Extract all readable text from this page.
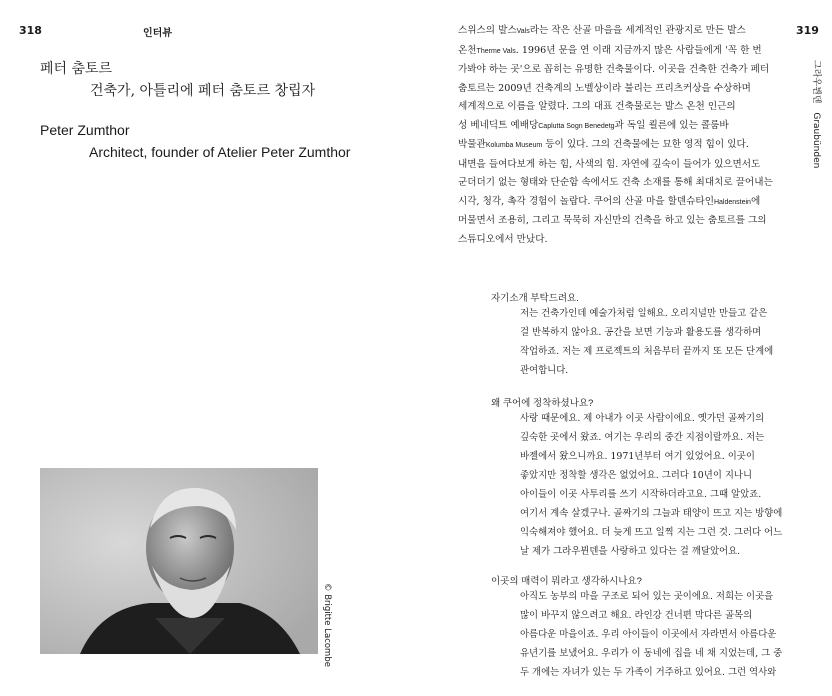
318	인터뷰
페터 춤토르
건축가, 아틀리에 페터 춤토르 창립자
Peter Zumthor
Architect, founder of Atelier Peter Zumthor
© Brigitte Lacombe
319
그라우뷘덴 Graubünden
스위스의 발스Vals라는 작은 산골 마을을 세계적인 관광지로 만든 발스
온천Therme Vals. 1996년 문을 연 이래 지금까지 많은 사람들에게 '꼭 한 번
가봐야 하는 곳'으로 꼽히는 유명한 건축물이다. 이곳을 건축한 건축가 페터
춤토르는 2009년 건축계의 노벨상이라 불리는 프리츠커상을 수상하며
세계적으로 이름을 알렸다. 그의 대표 건축물로는 발스 온천 인근의
성 베네딕트 예배당Caplutta Sogn Benedetg과 독일 쾰른에 있는 콜룸바
박물관Kolumba Museum 등이 있다. 그의 건축물에는 묘한 영적 힘이 있다.
내면을 들여다보게 하는 힘, 사색의 힘. 자연에 깊숙이 들어가 있으면서도
군더더기 없는 형태와 단순함 속에서도 건축 소재를 통해 최대치로 끌어내는
시각, 청각, 촉각 경험이 놀랍다. 쿠어의 산골 마을 할덴슈타인Haldenstein에
머물면서 조용히, 그리고 묵묵히 자신만의 건축을 하고 있는 춤토르를 그의
스튜디오에서 만났다.
자기소개 부탁드려요.
저는 건축가인데 예술가처럼 일해요. 오리지널만 만들고 같은
걸 반복하지 않아요. 공간을 보면 기능과 활용도를 생각하며
작업하죠. 저는 제 프로젝트의 처음부터 끝까지 또 모든 단계에
관여합니다.
왜 쿠어에 정착하셨나요?
사랑 때문에요. 제 아내가 이곳 사람이에요. 옛가던 골짜기의
깊숙한 곳에서 왔죠. 여기는 우리의 중간 지점이랄까요. 저는
바젤에서 왔으니까요. 1971년부터 여기 있었어요. 이곳이
좋았지만 정착할 생각은 없었어요. 그러다 10년이 지나니
아이들이 이곳 사투리를 쓰기 시작하더라고요. 그때 알았죠.
여기서 계속 살겠구나. 골짜기의 그늘과 태양이 뜨고 지는 방향에
익숙해져야 했어요. 더 늦게 뜨고 일찍 지는 그런 것. 그러다 어느
날 제가 그라우뷘덴을 사랑하고 있다는 걸 깨달았어요.
이곳의 매력이 뭐라고 생각하시나요?
아직도 농부의 마을 구조로 되어 있는 곳이에요. 저희는 이곳을
많이 바꾸지 않으려고 해요. 라인강 건너편 막다른 골목의
아름다운 마을이죠. 우리 아이들이 이곳에서 자라면서 아름다운
유년기를 보냈어요. 우리가 이 동네에 집을 네 채 지었는데, 그 중
두 개에는 자녀가 있는 두 가족이 거주하고 있어요. 그런 역사와
